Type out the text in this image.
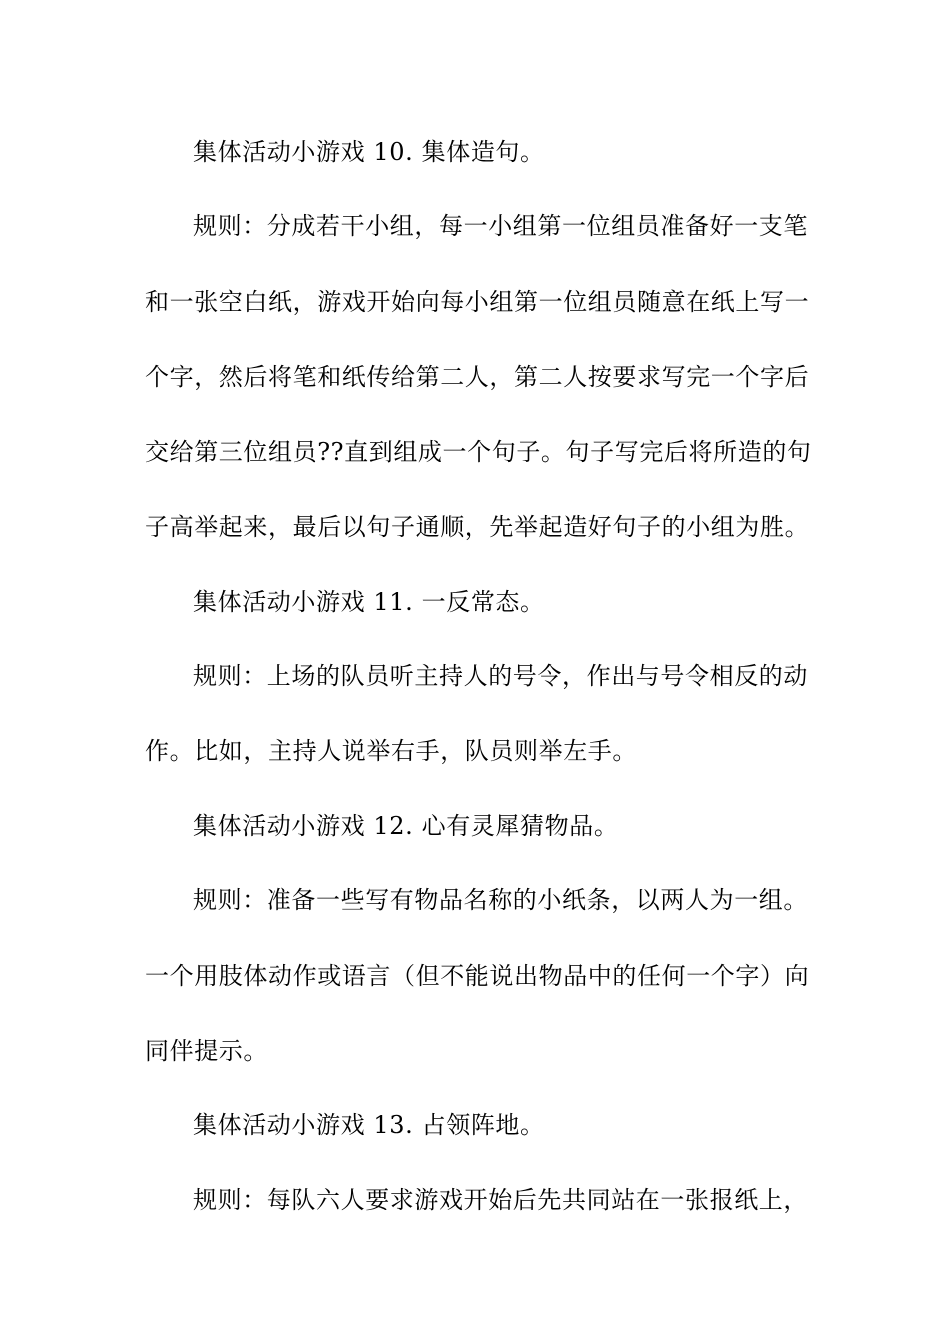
集体活动小游戏 10. 集体造句。
规则：分成若干小组，每一小组第一位组员准备好一支笔
和一张空白纸，游戏开始向每小组第一位组员随意在纸上写一
个字，然后将笔和纸传给第二人，第二人按要求写完一个字后
交给第三位组员??直到组成一个句子。句子写完后将所造的句
子高举起来，最后以句子通顺，先举起造好句子的小组为胜。
集体活动小游戏 11. 一反常态。
规则：上场的队员听主持人的号令，作出与号令相反的动
作。比如，主持人说举右手，队员则举左手。
集体活动小游戏 12. 心有灵犀猜物品。
规则：准备一些写有物品名称的小纸条，以两人为一组。
一个用肢体动作或语言（但不能说出物品中的任何一个字）向
同伴提示。
集体活动小游戏 13. 占领阵地。
规则：每队六人要求游戏开始后先共同站在一张报纸上，
